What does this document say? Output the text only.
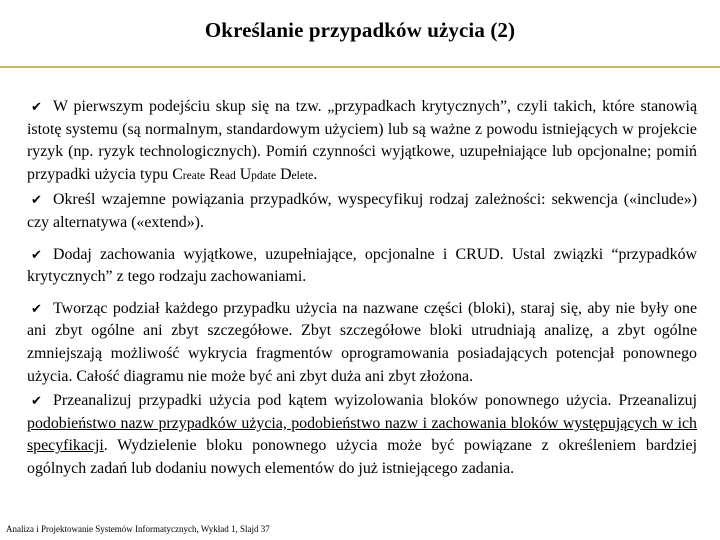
Określanie przypadków użycia (2)

✔ W pierwszym podejściu skup się na tzw. „przypadkach krytycznych”, czyli takich, które stanowią istotę systemu (są normalnym, standardowym użyciem) lub są ważne z powodu istniejących w projekcie ryzyk (np. ryzyk technologicznych). Pomiń czynności wyjątkowe, uzupełniające lub opcjonalne; pomiń przypadki użycia typu Create Read Update Delete.

✔ Określ wzajemne powiązania przypadków, wyspecyfikuj rodzaj zależności: sekwencja («include») czy alternatywa («extend»).

✔ Dodaj zachowania wyjątkowe, uzupełniające, opcjonalne i CRUD. Ustal związki “przypadków krytycznych” z tego rodzaju zachowaniami.

✔ Tworząc podział każdego przypadku użycia na nazwane części (bloki), staraj się, aby nie były one ani zbyt ogólne ani zbyt szczegółowe. Zbyt szczegółowe bloki utrudniają analizę, a zbyt ogólne zmniejszają możliwość wykrycia fragmentów oprogramowania posiadających potencjał ponownego użycia. Całość diagramu nie może być ani zbyt duża ani zbyt złożona.

✔ Przeanalizuj przypadki użycia pod kątem wyizolowania bloków ponownego użycia. Przeanalizuj podobieństwo nazw przypadków użycia, podobieństwo nazw i zachowania bloków występujących w ich specyfikacji. Wydzielenie bloku ponownego użycia może być powiązane z określeniem bardziej ogólnych zadań lub dodaniu nowych elementów do już istniejącego zadania.

Analiza i Projektowanie Systemów Informatycznych, Wykład 1, Slajd 37
